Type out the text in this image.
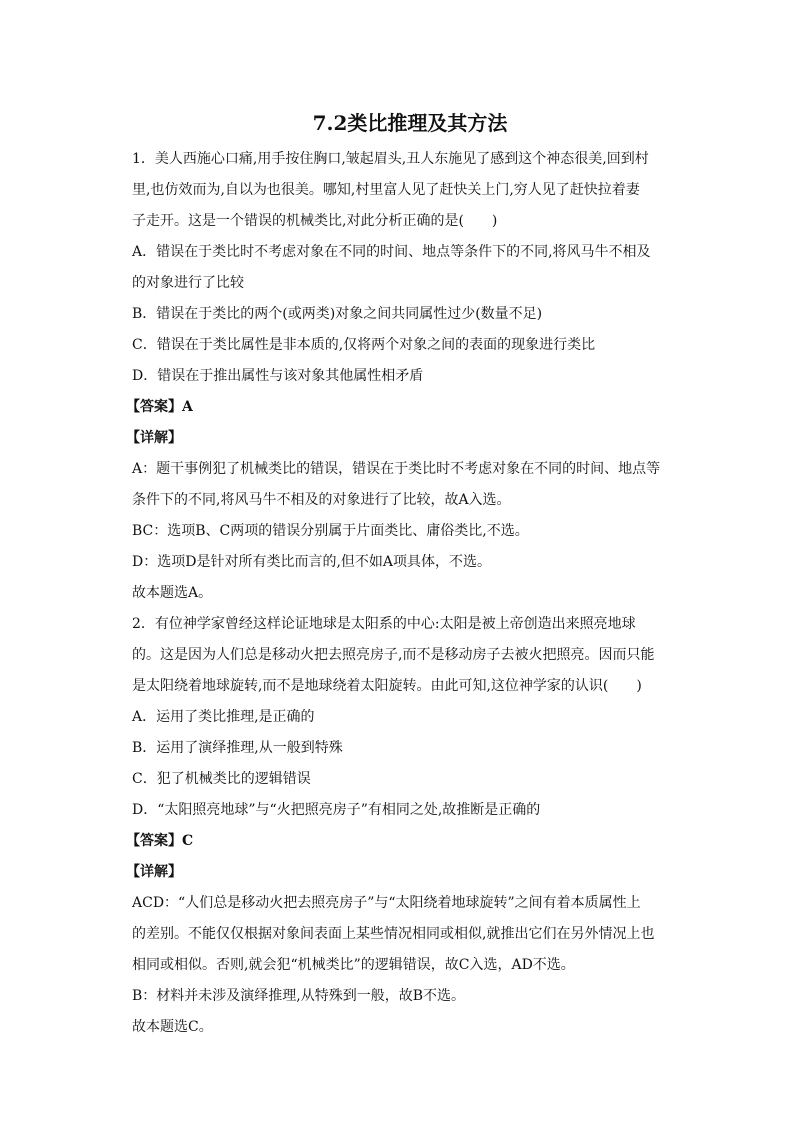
7.2类比推理及其方法
1．美人西施心口痛,用手按住胸口,皱起眉头,丑人东施见了感到这个神态很美,回到村
里,也仿效而为,自以为也很美。哪知,村里富人见了赶快关上门,穷人见了赶快拉着妻
子走开。这是一个错误的机械类比,对此分析正确的是(　　)
A．错误在于类比时不考虑对象在不同的时间、地点等条件下的不同,将风马牛不相及
的对象进行了比较
B．错误在于类比的两个(或两类)对象之间共同属性过少(数量不足)
C．错误在于类比属性是非本质的,仅将两个对象之间的表面的现象进行类比
D．错误在于推出属性与该对象其他属性相矛盾
【答案】A
【详解】
A：题干事例犯了机械类比的错误，错误在于类比时不考虑对象在不同的时间、地点等
条件下的不同,将风马牛不相及的对象进行了比较，故A入选。
BC：选项B、C两项的错误分别属于片面类比、庸俗类比,不选。
D：选项D是针对所有类比而言的,但不如A项具体，不选。
故本题选A。
2．有位神学家曾经这样论证地球是太阳系的中心:太阳是被上帝创造出来照亮地球
的。这是因为人们总是移动火把去照亮房子,而不是移动房子去被火把照亮。因而只能
是太阳绕着地球旋转,而不是地球绕着太阳旋转。由此可知,这位神学家的认识(　　)
A．运用了类比推理,是正确的
B．运用了演绎推理,从一般到特殊
C．犯了机械类比的逻辑错误
D．“太阳照亮地球”与“火把照亮房子”有相同之处,故推断是正确的
【答案】C
【详解】
ACD：“人们总是移动火把去照亮房子”与“太阳绕着地球旋转”之间有着本质属性上
的差别。不能仅仅根据对象间表面上某些情况相同或相似,就推出它们在另外情况上也
相同或相似。否则,就会犯“机械类比”的逻辑错误，故C入选，AD不选。
B：材料并未涉及演绎推理,从特殊到一般，故B不选。
故本题选C。
